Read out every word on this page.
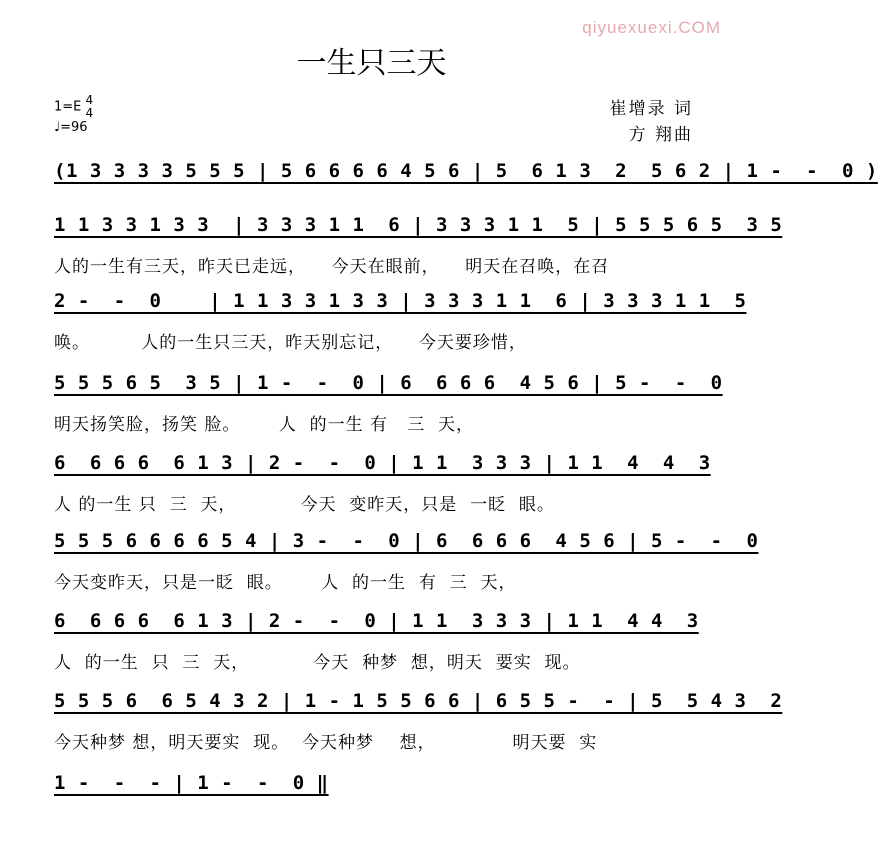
qiyuexuexi.COM
一生只三天
1=E 4
4
♩=96
崔增录 词
方 翔曲
(1 3 3 3 3 5 5 5 | 5 6 6 6 6 4 5 6 | 5  6 1 3  2  5 6 2 | 1 -  -  0 )
1 1 3 3 1 3 3  | 3 3 3 1 1  6 | 3 3 3 1 1  5 | 5 5 5 6 5  3 5
人的一生有三天，昨天已走远，    今天在眼前，    明天在召唤，在召
2 -  -  0    | 1 1 3 3 1 3 3 | 3 3 3 1 1  6 | 3 3 3 1 1  5
唤。        人的一生只三天，昨天别忘记，    今天要珍惜，
5 5 5 6 5  3 5 | 1 -  -  0 | 6  6 6 6  4 5 6 | 5 -  -  0
明天扬笑脸，扬笑 脸。      人  的一生 有   三  天，
6  6 6 6  6 1 3 | 2 -  -  0 | 1 1  3 3 3 | 1 1  4  4  3
人 的一生 只  三  天，          今天  变昨天，只是  一眨  眼。
5 5 5 6 6 6 6 5 4 | 3 -  -  0 | 6  6 6 6  4 5 6 | 5 -  -  0
今天变昨天，只是一眨  眼。      人  的一生  有  三  天，
6  6 6 6  6 1 3 | 2 -  -  0 | 1 1  3 3 3 | 1 1  4 4  3
人  的一生  只  三  天，          今天  种梦  想，明天  要实  现。
5 5 5 6  6 5 4 3 2 | 1 - 1 5 5 6 6 | 6 5 5 -  - | 5  5 4 3  2
今天种梦 想，明天要实  现。  今天种梦    想，            明天要  实
1 -  -  - | 1 -  -  0 ‖
